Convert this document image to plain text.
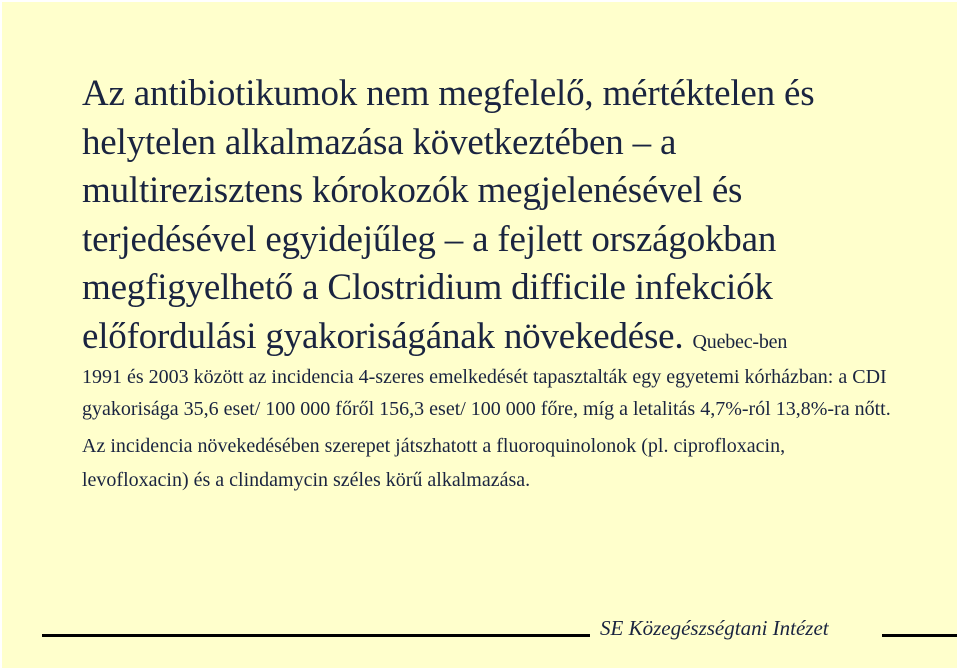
Az antibiotikumok nem megfelelő, mértéktelen és helytelen alkalmazása következtében – a multirezisztens kórokozók megjelenésével és terjedésével egyidejűleg – a fejlett országokban megfigyelhető a Clostridium difficile infekciók előfordulási gyakoriságának növekedése. Quebec-ben

1991 és 2003 között az incidencia 4-szeres emelkedését tapasztalták egy egyetemi kórházban: a CDI gyakorisága 35,6 eset/ 100 000 főről 156,3 eset/ 100 000 főre, míg a letalitás 4,7%-ról 13,8%-ra nőtt.

Az incidencia növekedésében szerepet játszhatott a fluoroquinolonok (pl. ciprofloxacin, levofloxacin) és a clindamycin széles körű alkalmazása.

SE Közegészségtani Intézet
